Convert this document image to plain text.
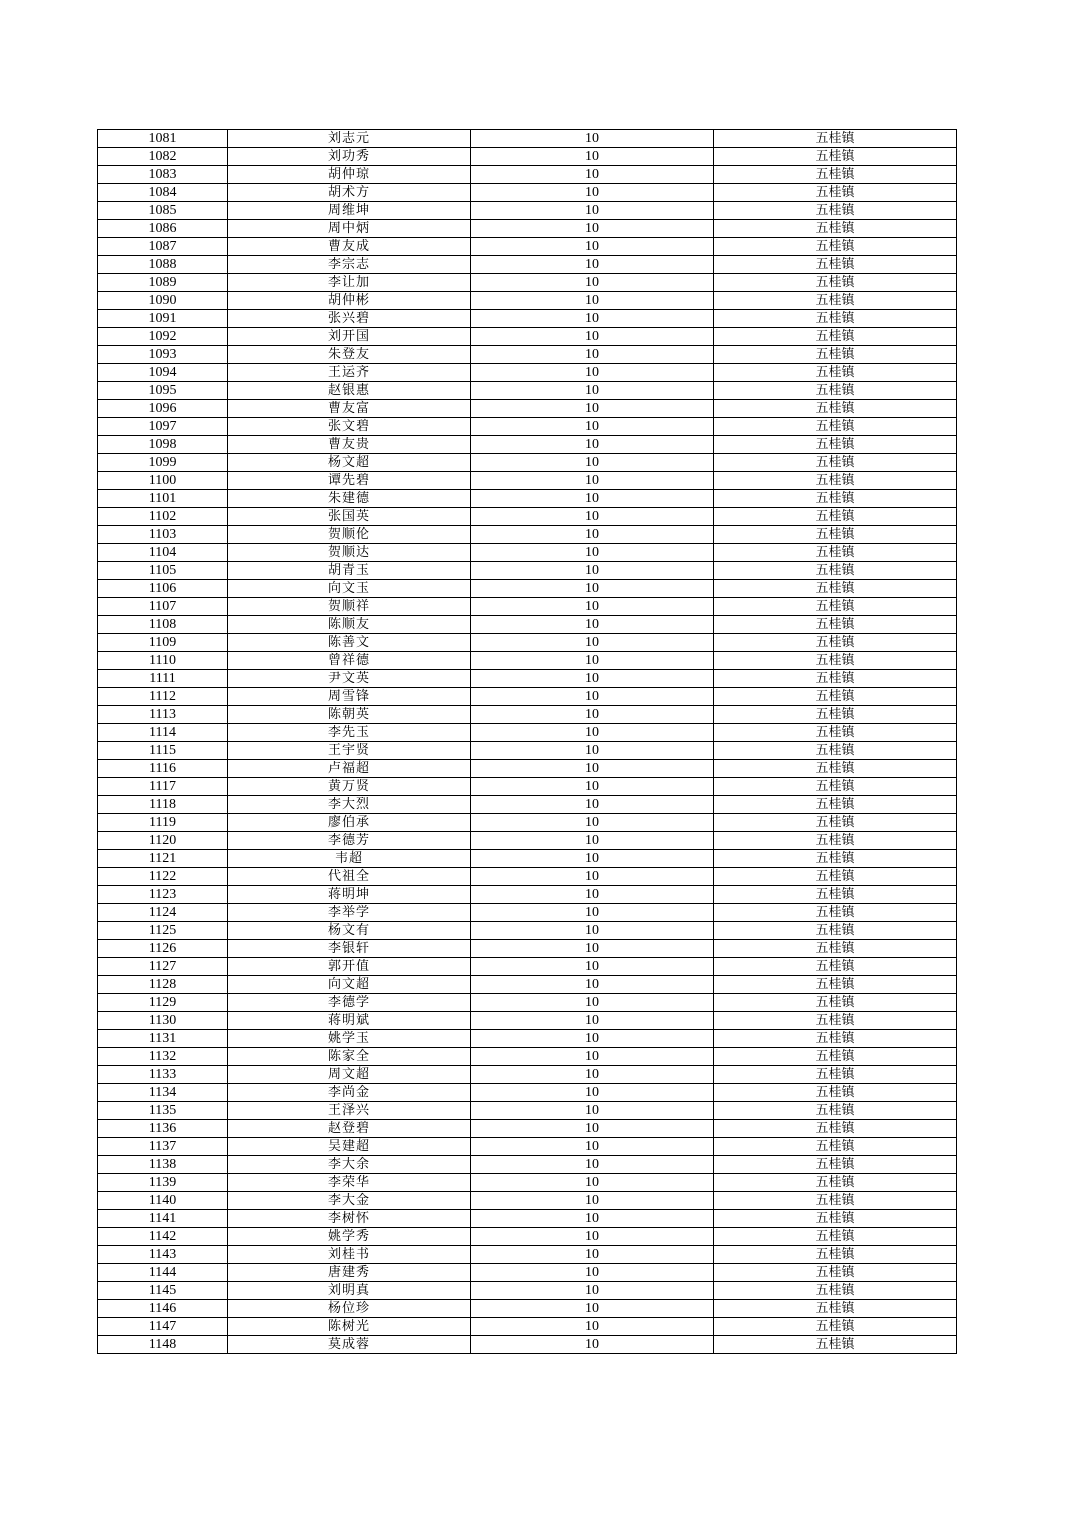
1081	刘志元	10	五桂镇
1082	刘功秀	10	五桂镇
1083	胡仲琼	10	五桂镇
1084	胡术方	10	五桂镇
1085	周维坤	10	五桂镇
1086	周中炳	10	五桂镇
1087	曹友成	10	五桂镇
1088	李宗志	10	五桂镇
1089	李让加	10	五桂镇
1090	胡仲彬	10	五桂镇
1091	张兴碧	10	五桂镇
1092	刘开国	10	五桂镇
1093	朱登友	10	五桂镇
1094	王运齐	10	五桂镇
1095	赵银惠	10	五桂镇
1096	曹友富	10	五桂镇
1097	张文碧	10	五桂镇
1098	曹友贵	10	五桂镇
1099	杨文超	10	五桂镇
1100	谭先碧	10	五桂镇
1101	朱建德	10	五桂镇
1102	张国英	10	五桂镇
1103	贺顺伦	10	五桂镇
1104	贺顺达	10	五桂镇
1105	胡青玉	10	五桂镇
1106	向文玉	10	五桂镇
1107	贺顺祥	10	五桂镇
1108	陈顺友	10	五桂镇
1109	陈善文	10	五桂镇
1110	曾祥德	10	五桂镇
1111	尹文英	10	五桂镇
1112	周雪锋	10	五桂镇
1113	陈朝英	10	五桂镇
1114	李先玉	10	五桂镇
1115	王宇贤	10	五桂镇
1116	卢福超	10	五桂镇
1117	黄万贤	10	五桂镇
1118	李大烈	10	五桂镇
1119	廖伯承	10	五桂镇
1120	李德芳	10	五桂镇
1121	韦超	10	五桂镇
1122	代祖全	10	五桂镇
1123	蒋明坤	10	五桂镇
1124	李举学	10	五桂镇
1125	杨文有	10	五桂镇
1126	李银轩	10	五桂镇
1127	郭开值	10	五桂镇
1128	向文超	10	五桂镇
1129	李德学	10	五桂镇
1130	蒋明斌	10	五桂镇
1131	姚学玉	10	五桂镇
1132	陈家全	10	五桂镇
1133	周文超	10	五桂镇
1134	李尚金	10	五桂镇
1135	王泽兴	10	五桂镇
1136	赵登碧	10	五桂镇
1137	吴建超	10	五桂镇
1138	李大余	10	五桂镇
1139	李荣华	10	五桂镇
1140	李大金	10	五桂镇
1141	李树怀	10	五桂镇
1142	姚学秀	10	五桂镇
1143	刘桂书	10	五桂镇
1144	唐建秀	10	五桂镇
1145	刘明真	10	五桂镇
1146	杨位珍	10	五桂镇
1147	陈树光	10	五桂镇
1148	莫成蓉	10	五桂镇
